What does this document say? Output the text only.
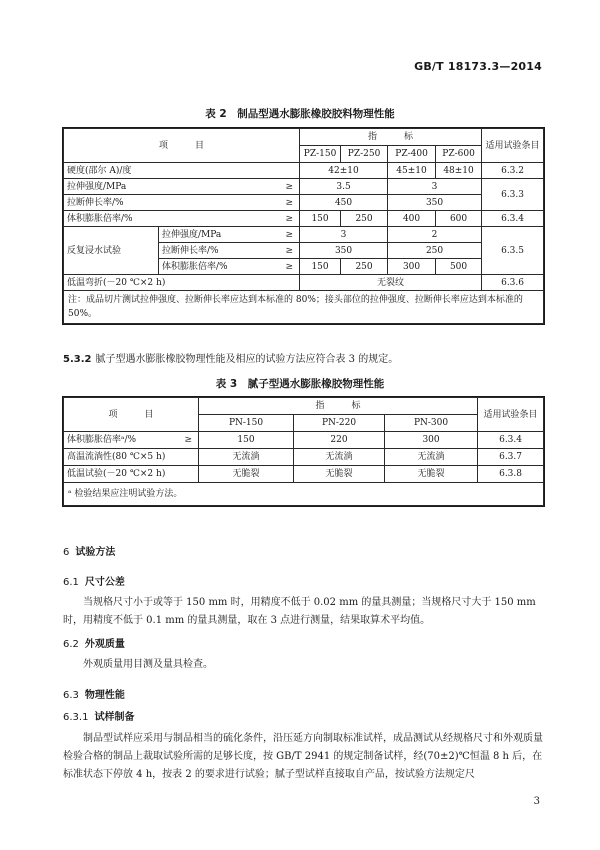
GB/T 18173.3—2014
表 2　制品型遇水膨胀橡胶胶料物理性能
项　　　目			指　　　标				适用试验条目
			PZ-150	PZ-250	PZ-400	PZ-600	
硬度(邵尔 A)/度			42±10		45±10	48±10	6.3.2
拉伸强度/MPa		≥	3.5		3		6.3.3
拉断伸长率/%		≥	450		350		
体积膨胀倍率/%		≥	150	250	400	600	6.3.4
反复浸水试验	拉伸强度/MPa	≥	3		2		6.3.5
	拉断伸长率/%	≥	350		250		
	体积膨胀倍率/%	≥	150	250	300	500	
低温弯折(－20 ℃×2 h)			无裂纹				6.3.6
注：成品切片测试拉伸强度、拉断伸长率应达到本标准的 80%；接头部位的拉伸强度、拉断伸长率应达到本标准的 50%。							
5.3.2 腻子型遇水膨胀橡胶物理性能及相应的试验方法应符合表 3 的规定。
表 3　腻子型遇水膨胀橡胶物理性能
项　　　目		指　　　标			适用试验条目
		PN-150	PN-220	PN-300	
体积膨胀倍率ᵃ/%	≥	150	220	300	6.3.4
高温流淌性(80 ℃×5 h)		无流淌	无流淌	无流淌	6.3.7
低温试验(－20 ℃×2 h)		无脆裂	无脆裂	无脆裂	6.3.8
ᵃ 检验结果应注明试验方法。					
6 试验方法
6.1 尺寸公差
当规格尺寸小于或等于 150 mm 时，用精度不低于 0.02 mm 的量具测量；当规格尺寸大于 150 mm 时，用精度不低于 0.1 mm 的量具测量，取在 3 点进行测量，结果取算术平均值。
6.2 外观质量
外观质量用目测及量具检查。
6.3 物理性能
6.3.1 试样制备
制品型试样应采用与制品相当的硫化条件，沿压延方向制取标准试样，成品测试从经规格尺寸和外观质量检验合格的制品上裁取试验所需的足够长度，按 GB/T 2941 的规定制备试样，经(70±2)℃恒温 8 h 后，在标准状态下停放 4 h，按表 2 的要求进行试验；腻子型试样直接取自产品，按试验方法规定尺
3
